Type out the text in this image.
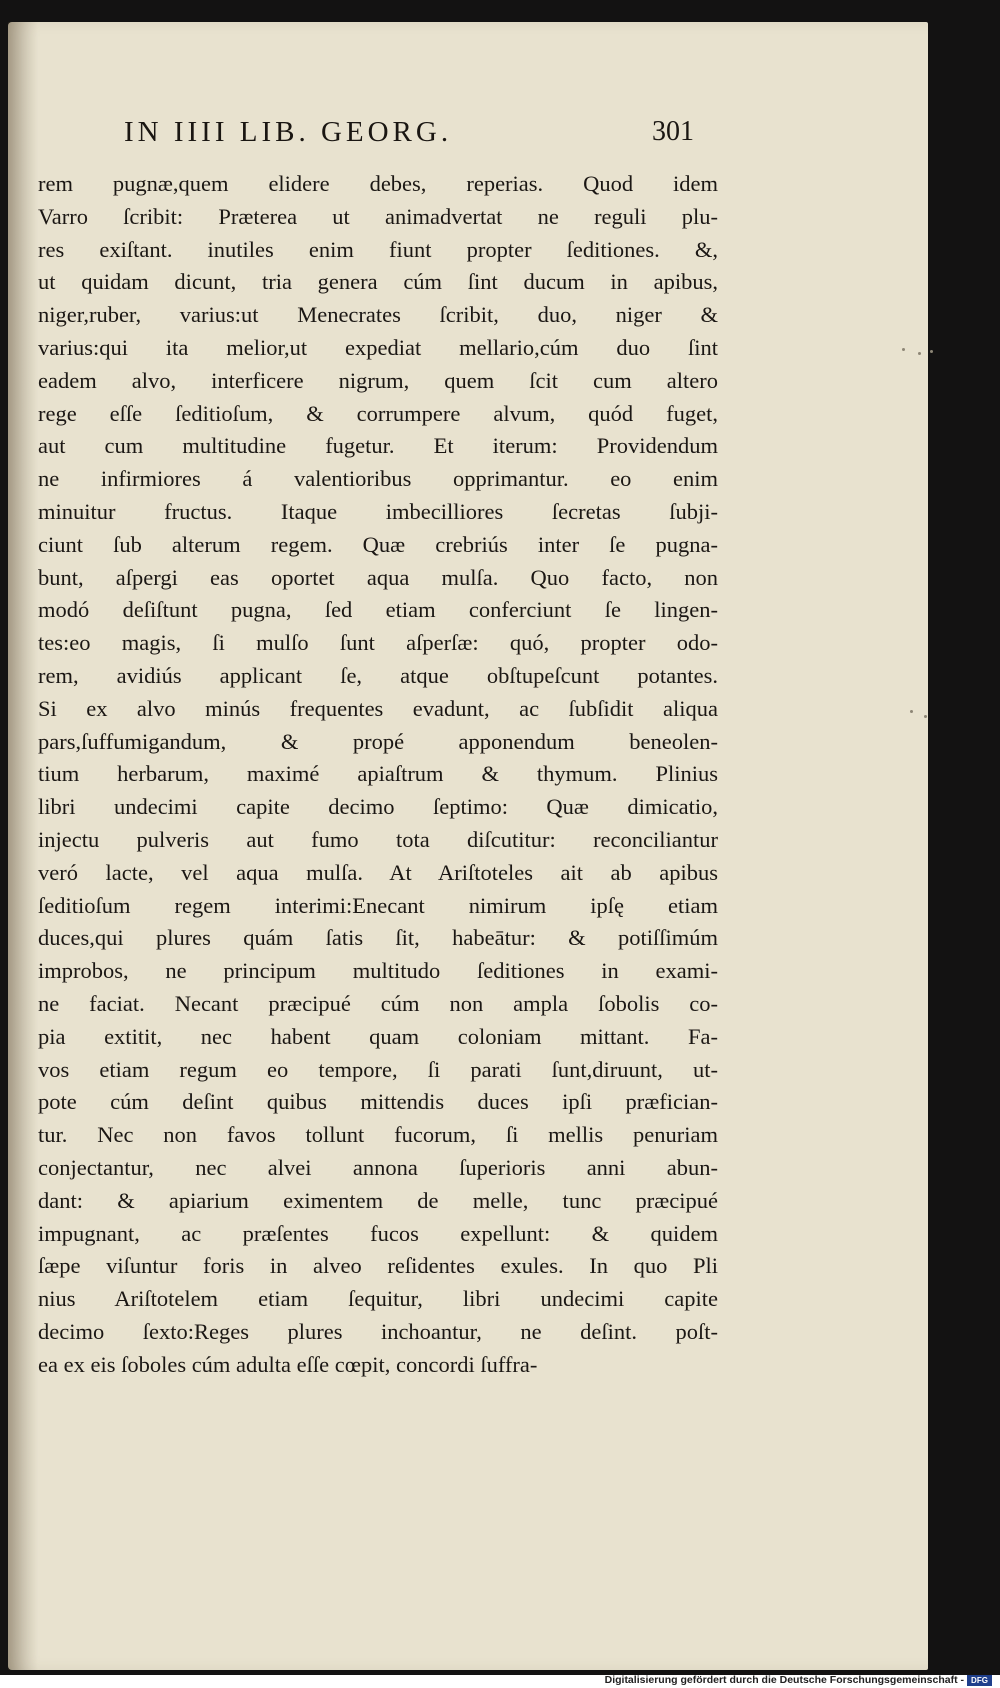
IN IIII LIB. GEORG.	301
rem pugnæ,quem elidere debes, reperias. Quod idem
Varro ſcribit: Præterea ut animadvertat ne reguli plu-
res exiſtant. inutiles enim fiunt propter ſeditiones. &,
ut quidam dicunt, tria genera cúm ſint ducum in apibus,
niger,ruber, varius:ut Menecrates ſcribit, duo, niger &
varius:qui ita melior,ut expediat mellario,cúm duo ſint
eadem alvo, interficere nigrum, quem ſcit cum altero
rege eſſe ſeditioſum, & corrumpere alvum, quód fuget,
aut cum multitudine fugetur. Et iterum: Providendum
ne infirmiores á valentioribus opprimantur. eo enim
minuitur fructus. Itaque imbecilliores ſecretas ſubji-
ciunt ſub alterum regem. Quæ crebriús inter ſe pugna-
bunt, aſpergi eas oportet aqua mulſa. Quo facto, non
modó deſiſtunt pugna, ſed etiam conferciunt ſe lingen-
tes:eo magis, ſi mulſo ſunt aſperſæ: quó, propter odo-
rem, avidiús applicant ſe, atque obſtupeſcunt potantes.
Si ex alvo minús frequentes evadunt, ac ſubſidit aliqua
pars,ſuffumigandum, & propé apponendum beneolen-
tium herbarum, maximé apiaſtrum & thymum. Plinius
libri undecimi capite decimo ſeptimo: Quæ dimicatio,
injectu pulveris aut fumo tota diſcutitur: reconciliantur
veró lacte, vel aqua mulſa. At Ariſtoteles ait ab apibus
ſeditioſum regem interimi:Enecant nimirum ipſę etiam
duces,qui plures quám ſatis ſit, habeātur: & potiſſimúm
improbos, ne principum multitudo ſeditiones in exami-
ne faciat. Necant præcipué cúm non ampla ſobolis co-
pia extitit, nec habent quam coloniam mittant. Fa-
vos etiam regum eo tempore, ſi parati ſunt,diruunt, ut-
pote cúm deſint quibus mittendis duces ipſi præfician-
tur. Nec non favos tollunt fucorum, ſi mellis penuriam
conjectantur, nec alvei annona ſuperioris anni abun-
dant: & apiarium eximentem de melle, tunc præcipué
impugnant, ac præſentes fucos expellunt: & quidem
ſæpe viſuntur foris in alveo reſidentes exules. In quo Pli
nius Ariſtotelem etiam ſequitur, libri undecimi capite
decimo ſexto:Reges plures inchoantur, ne deſint. poſt-
ea ex eis ſoboles cúm adulta eſſe cœpit, concordi ſuffra-
Digitalisierung gefördert durch die Deutsche Forschungsgemeinschaft - DFG
